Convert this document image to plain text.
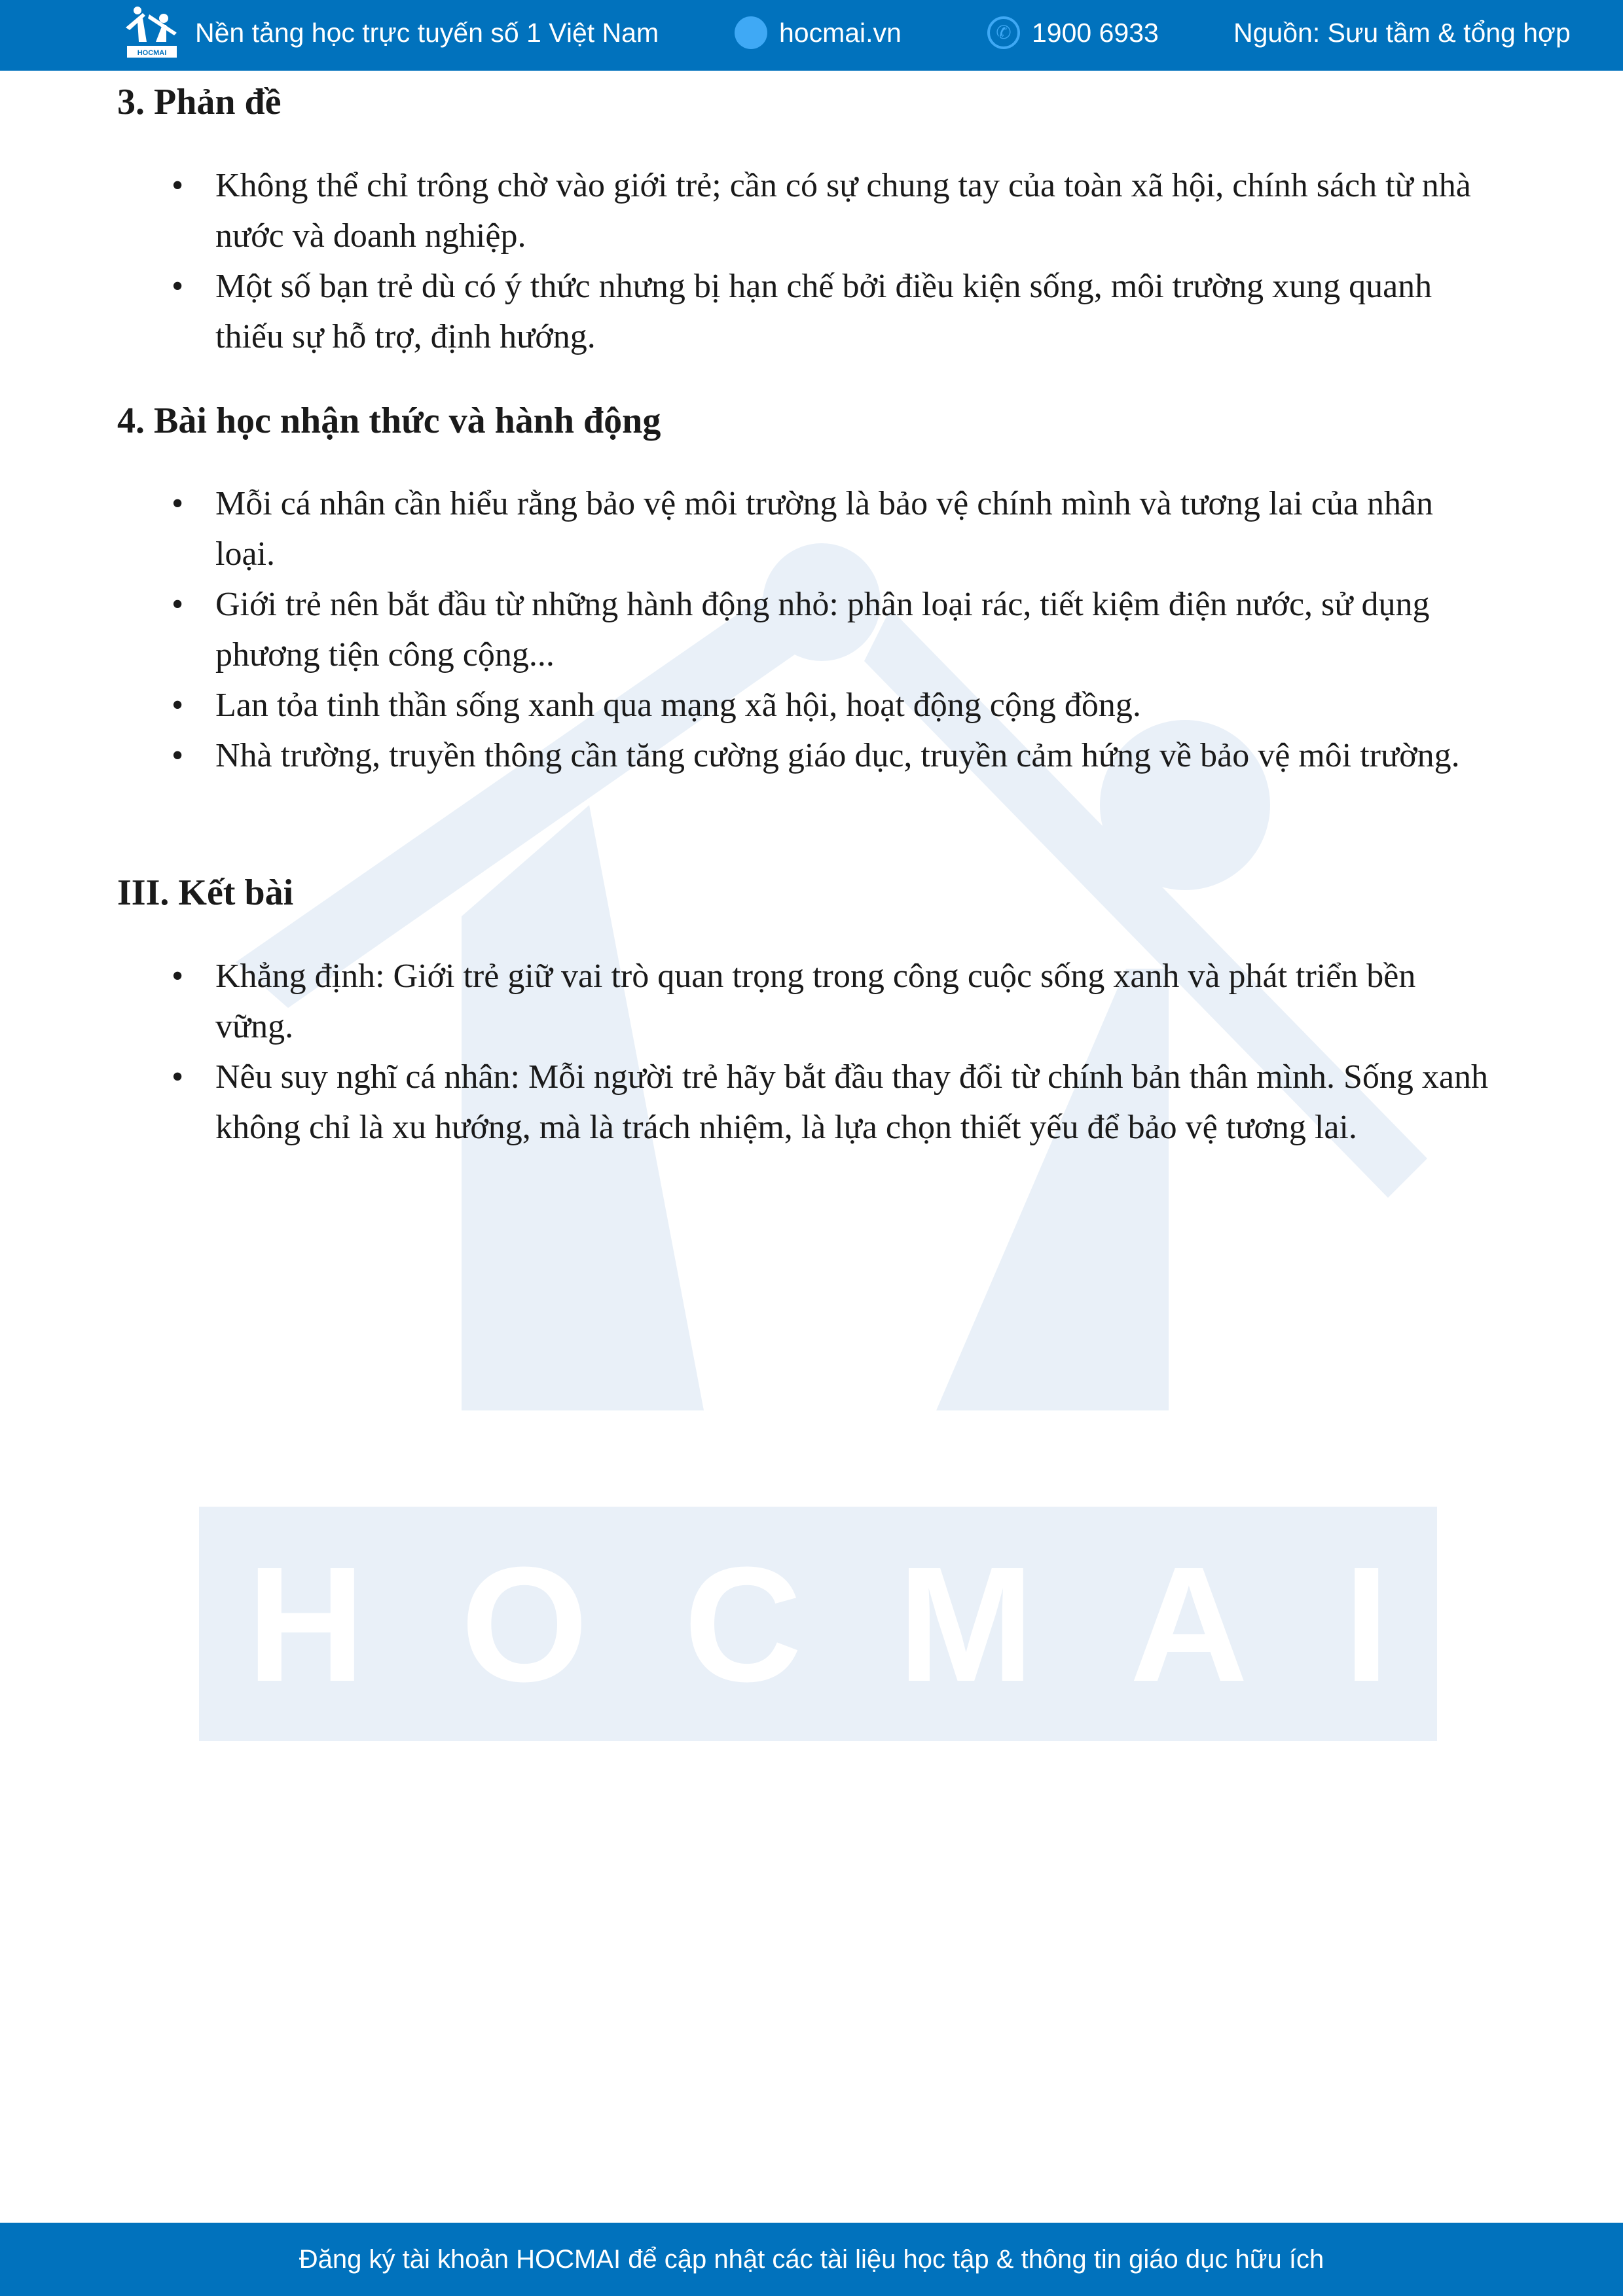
H O C M A I
HOCMAI
Nền tảng học trực tuyến số 1 Việt Nam	hocmai.vn	✆ 1900 6933	Nguồn: Sưu tầm & tổng hợp
3. Phản đề
• Không thể chỉ trông chờ vào giới trẻ; cần có sự chung tay của toàn xã hội, chính sách từ nhà nước và doanh nghiệp.
• Một số bạn trẻ dù có ý thức nhưng bị hạn chế bởi điều kiện sống, môi trường xung quanh thiếu sự hỗ trợ, định hướng.
4. Bài học nhận thức và hành động
• Mỗi cá nhân cần hiểu rằng bảo vệ môi trường là bảo vệ chính mình và tương lai của nhân loại.
• Giới trẻ nên bắt đầu từ những hành động nhỏ: phân loại rác, tiết kiệm điện nước, sử dụng phương tiện công cộng...
• Lan tỏa tinh thần sống xanh qua mạng xã hội, hoạt động cộng đồng.
• Nhà trường, truyền thông cần tăng cường giáo dục, truyền cảm hứng về bảo vệ môi trường.
III. Kết bài
• Khẳng định: Giới trẻ giữ vai trò quan trọng trong công cuộc sống xanh và phát triển bền vững.
• Nêu suy nghĩ cá nhân: Mỗi người trẻ hãy bắt đầu thay đổi từ chính bản thân mình. Sống xanh không chỉ là xu hướng, mà là trách nhiệm, là lựa chọn thiết yếu để bảo vệ tương lai.
Đăng ký tài khoản HOCMAI để cập nhật các tài liệu học tập & thông tin giáo dục hữu ích
